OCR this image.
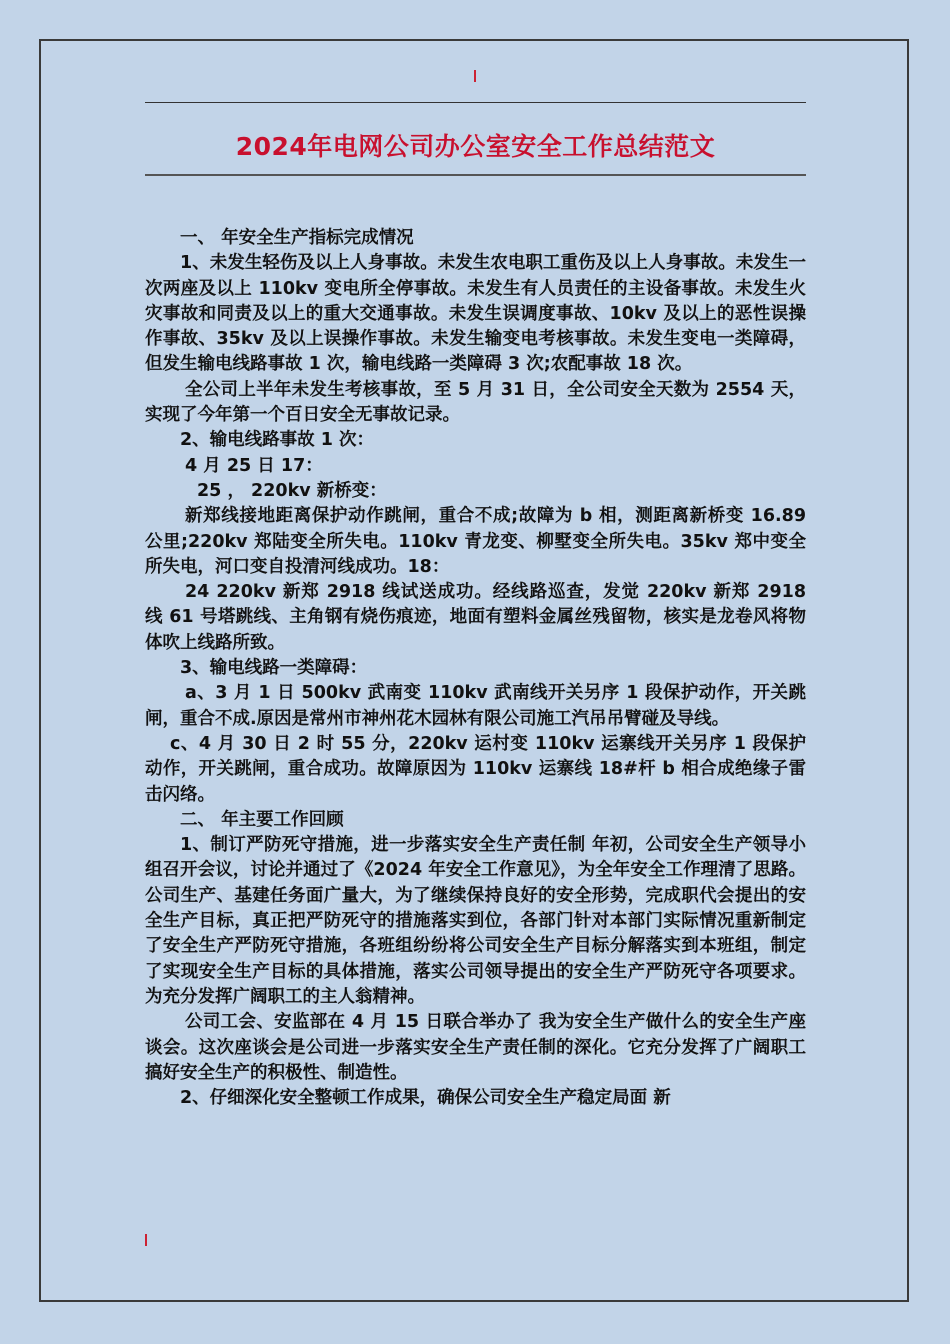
2024年电网公司办公室安全工作总结范文

一、 年安全生产指标完成情况

1、未发生轻伤及以上人身事故。未发生农电职工重伤及以上人身事故。未发生一次两座及以上 110kv 变电所全停事故。未发生有人员责任的主设备事故。未发生火灾事故和同责及以上的重大交通事故。未发生误调度事故、10kv 及以上的恶性误操作事故、35kv 及以上误操作事故。未发生输变电考核事故。未发生变电一类障碍，但发生输电线路事故 1 次，输电线路一类障碍 3 次;农配事故 18 次。

全公司上半年未发生考核事故，至 5 月 31 日，全公司安全天数为 2554 天，实现了今年第一个百日安全无事故记录。

2、输电线路事故 1 次：

4 月 25 日 17：

25 ， 220kv 新桥变：

新郑线接地距离保护动作跳闸，重合不成;故障为 b 相，测距离新桥变 16.89 公里;220kv 郑陆变全所失电。110kv 青龙变、柳墅变全所失电。35kv 郑中变全所失电，河口变自投清河线成功。18：

24 220kv 新郑 2918 线试送成功。经线路巡查，发觉 220kv 新郑 2918 线 61 号塔跳线、主角钢有烧伤痕迹，地面有塑料金属丝残留物，核实是龙卷风将物体吹上线路所致。

3、输电线路一类障碍：

a、3 月 1 日 500kv 武南变 110kv 武南线开关另序 1 段保护动作，开关跳闸，重合不成.原因是常州市神州花木园林有限公司施工汽吊吊臂碰及导线。

c、4 月 30 日 2 时 55 分，220kv 运村变 110kv 运寨线开关另序 1 段保护动作，开关跳闸，重合成功。故障原因为 110kv 运寨线 18#杆 b 相合成绝缘子雷击闪络。

二、 年主要工作回顾

1、制订严防死守措施，进一步落实安全生产责任制 年初，公司安全生产领导小组召开会议，讨论并通过了《2024 年安全工作意见》，为全年安全工作理清了思路。公司生产、基建任务面广量大，为了继续保持良好的安全形势，完成职代会提出的安全生产目标，真正把严防死守的措施落实到位，各部门针对本部门实际情况重新制定了安全生产严防死守措施，各班组纷纷将公司安全生产目标分解落实到本班组，制定了实现安全生产目标的具体措施，落实公司领导提出的安全生产严防死守各项要求。为充分发挥广阔职工的主人翁精神。

公司工会、安监部在 4 月 15 日联合举办了 我为安全生产做什么的安全生产座谈会。这次座谈会是公司进一步落实安全生产责任制的深化。它充分发挥了广阔职工搞好安全生产的积极性、制造性。

2、仔细深化安全整顿工作成果，确保公司安全生产稳定局面 新
